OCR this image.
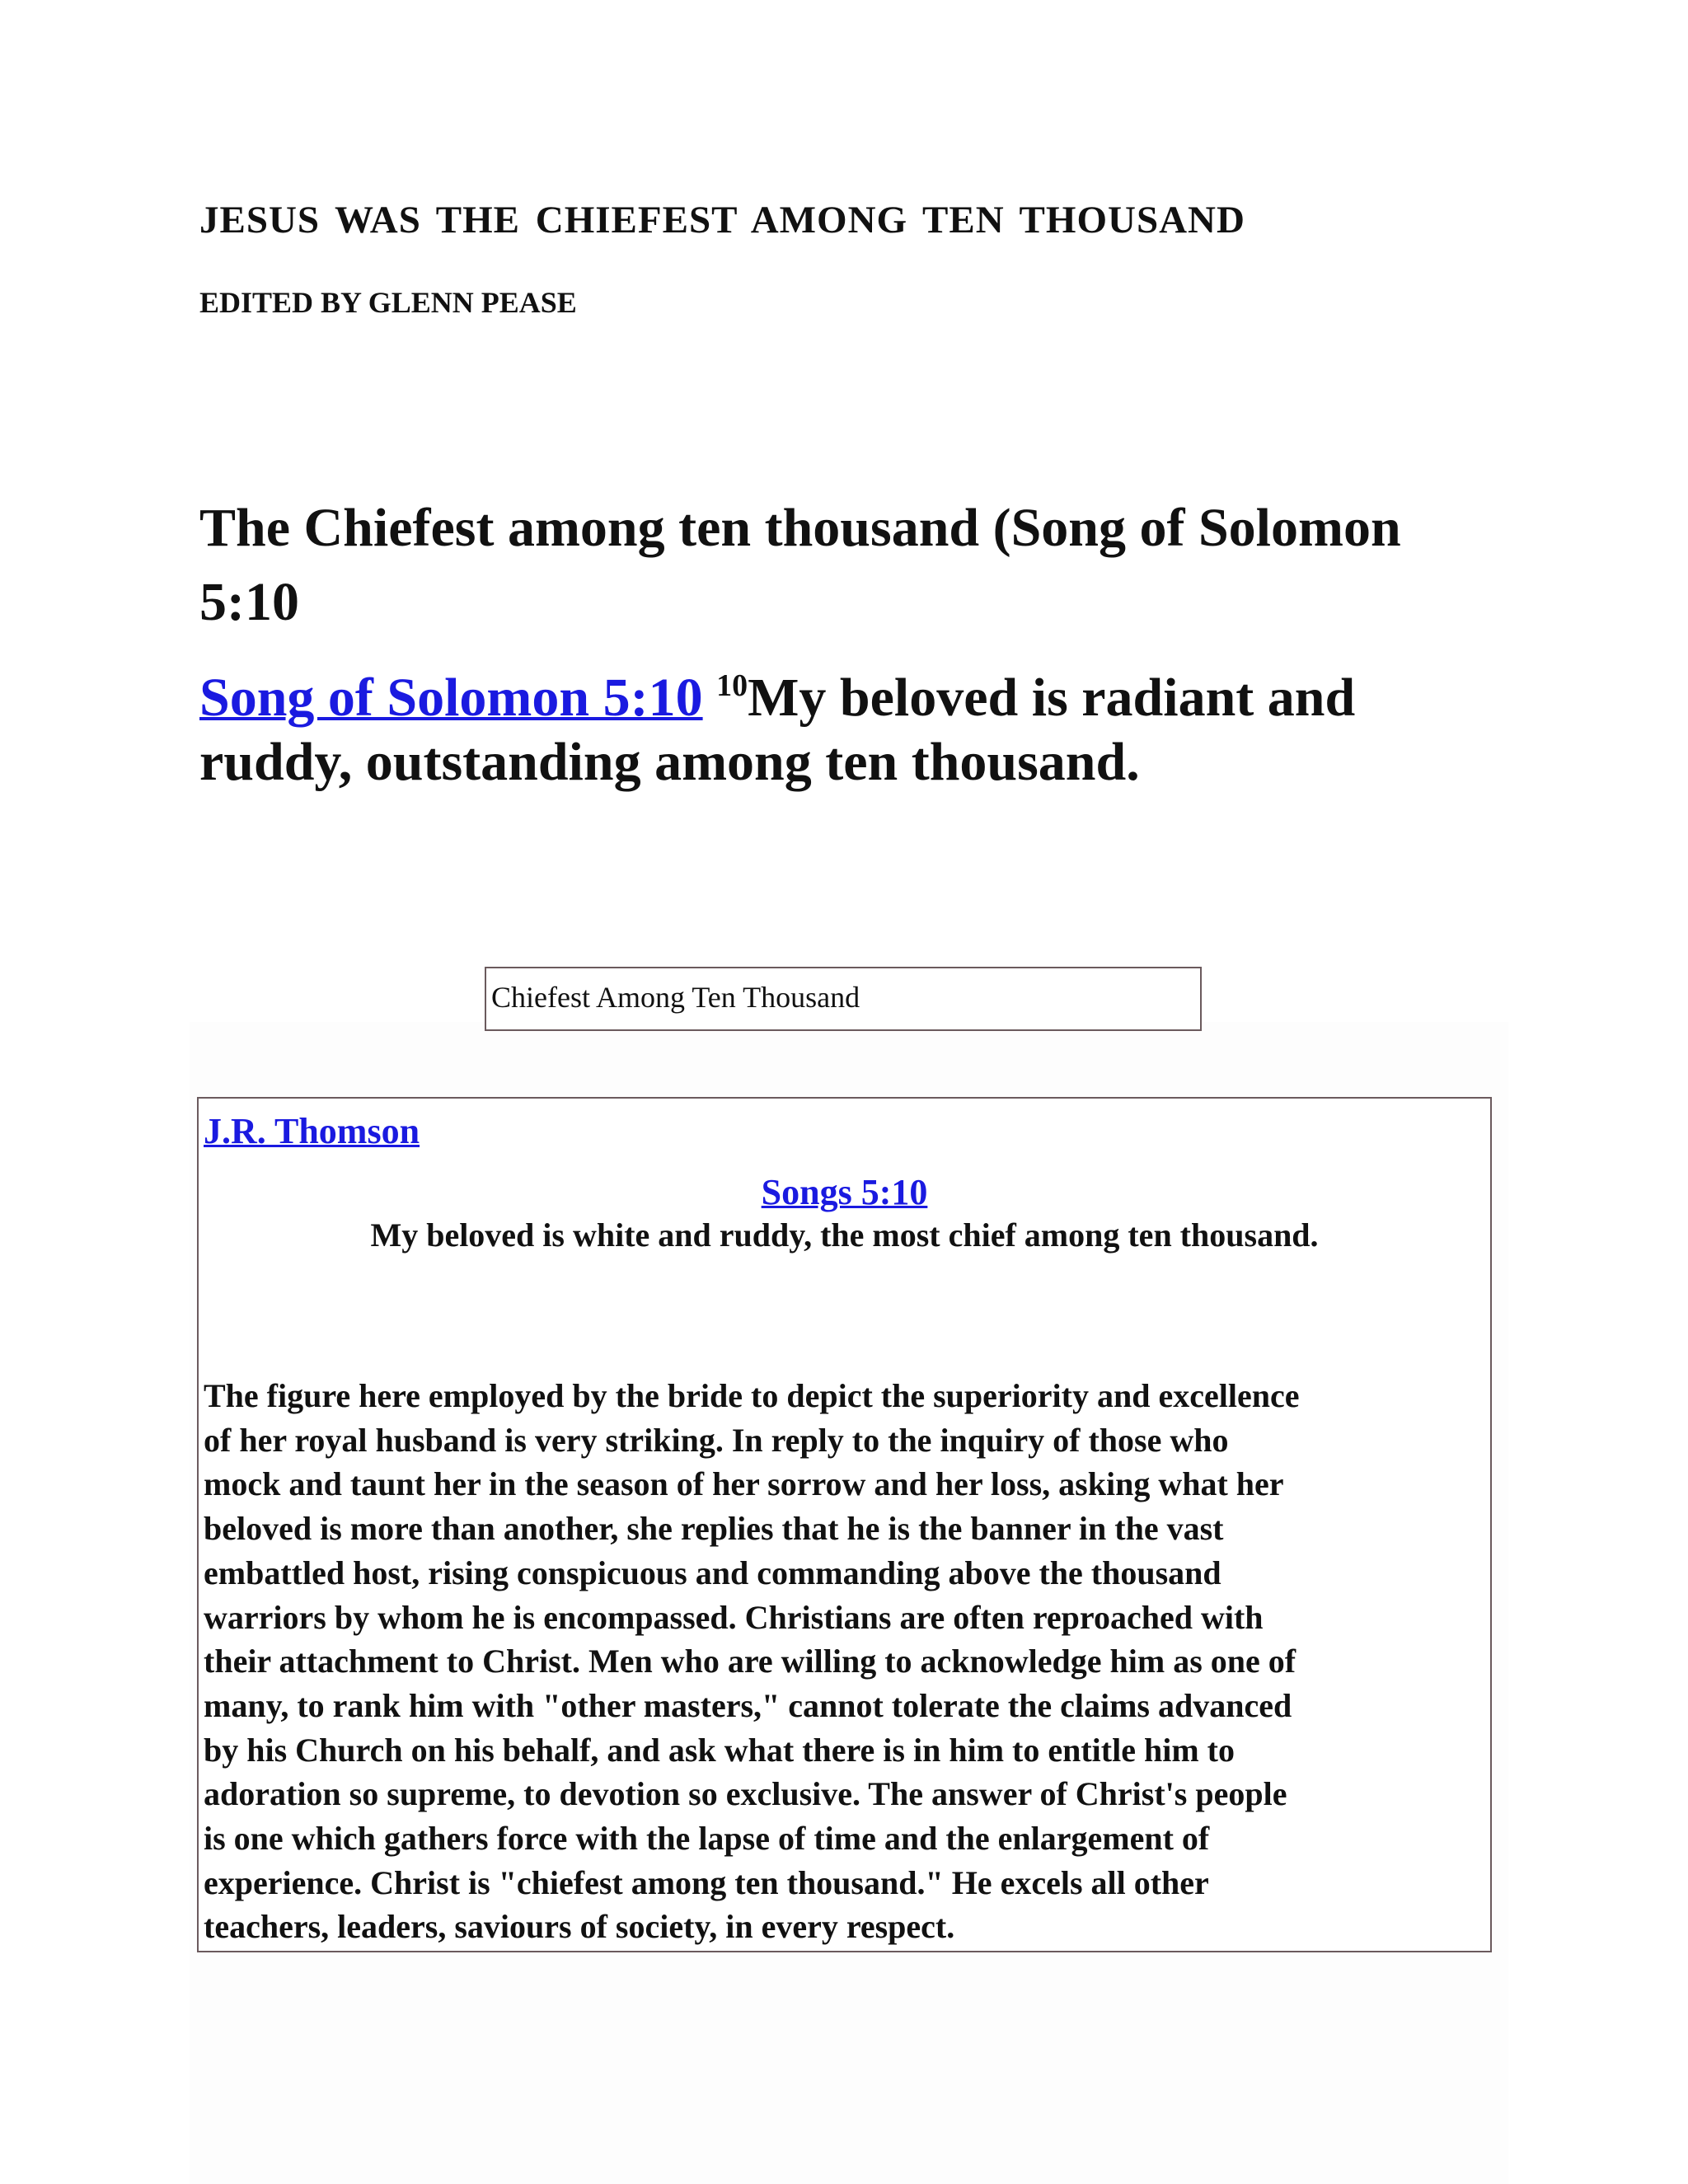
JESUS WAS THE CHIEFEST AMONG TEN THOUSAND
EDITED BY GLENN PEASE
The Chiefest among ten thousand (Song of Solomon 5:10
Song of Solomon 5:10 $^{10}$My beloved is radiant and ruddy, outstanding among ten thousand.
Chiefest Among Ten Thousand
J.R. Thomson
Songs 5:10
My beloved is white and ruddy, the most chief among ten thousand.
The figure here employed by the bride to depict the superiority and excellence
of her royal husband is very striking. In reply to the inquiry of those who
mock and taunt her in the season of her sorrow and her loss, asking what her
beloved is more than another, she replies that he is the banner in the vast
embattled host, rising conspicuous and commanding above the thousand
warriors by whom he is encompassed. Christians are often reproached with
their attachment to Christ. Men who are willing to acknowledge him as one of
many, to rank him with "other masters," cannot tolerate the claims advanced
by his Church on his behalf, and ask what there is in him to entitle him to
adoration so supreme, to devotion so exclusive. The answer of Christ's people
is one which gathers force with the lapse of time and the enlargement of
experience. Christ is "chiefest among ten thousand." He excels all other
teachers, leaders, saviours of society, in every respect.
